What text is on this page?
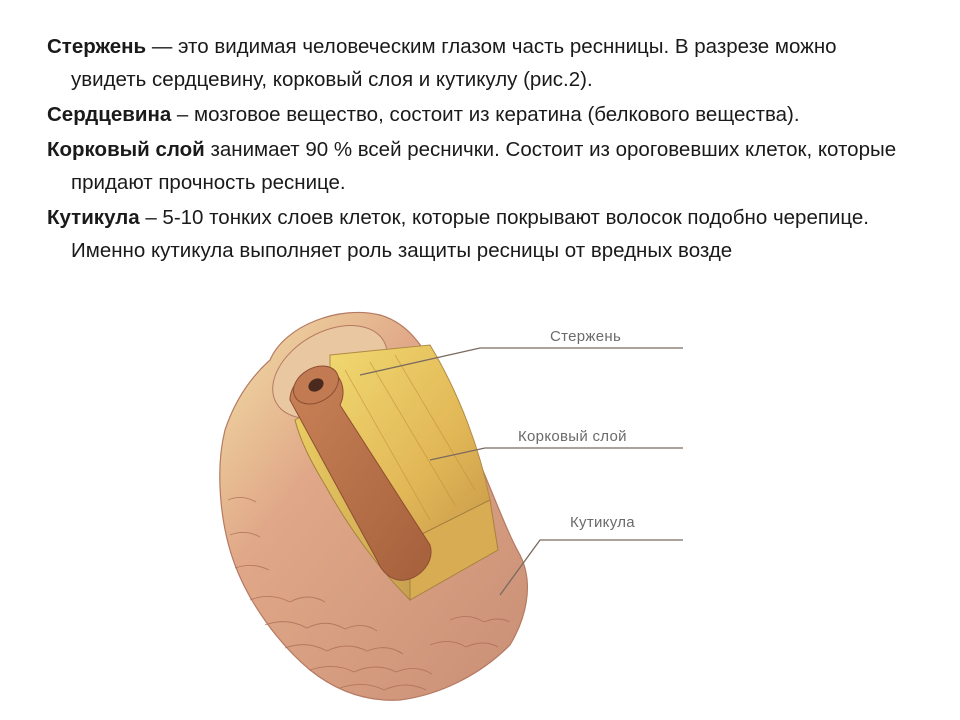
Стержень — это видимая человеческим глазом часть реснницы. В разрезе можно увидеть сердцевину, корковый слоя и кутикулу (рис.2).

Сердцевина – мозговое вещество, состоит из кератина (белкового вещества).

Корковый слой занимает 90 % всей реснички. Состоит из ороговевших клеток, которые придают прочность реснице.

Кутикула – 5-10 тонких слоев клеток, которые покрывают волосок подобно черепице. Именно кутикула выполняет роль защиты ресницы от вредных возде

Стержень
Корковый слой
Кутикула
